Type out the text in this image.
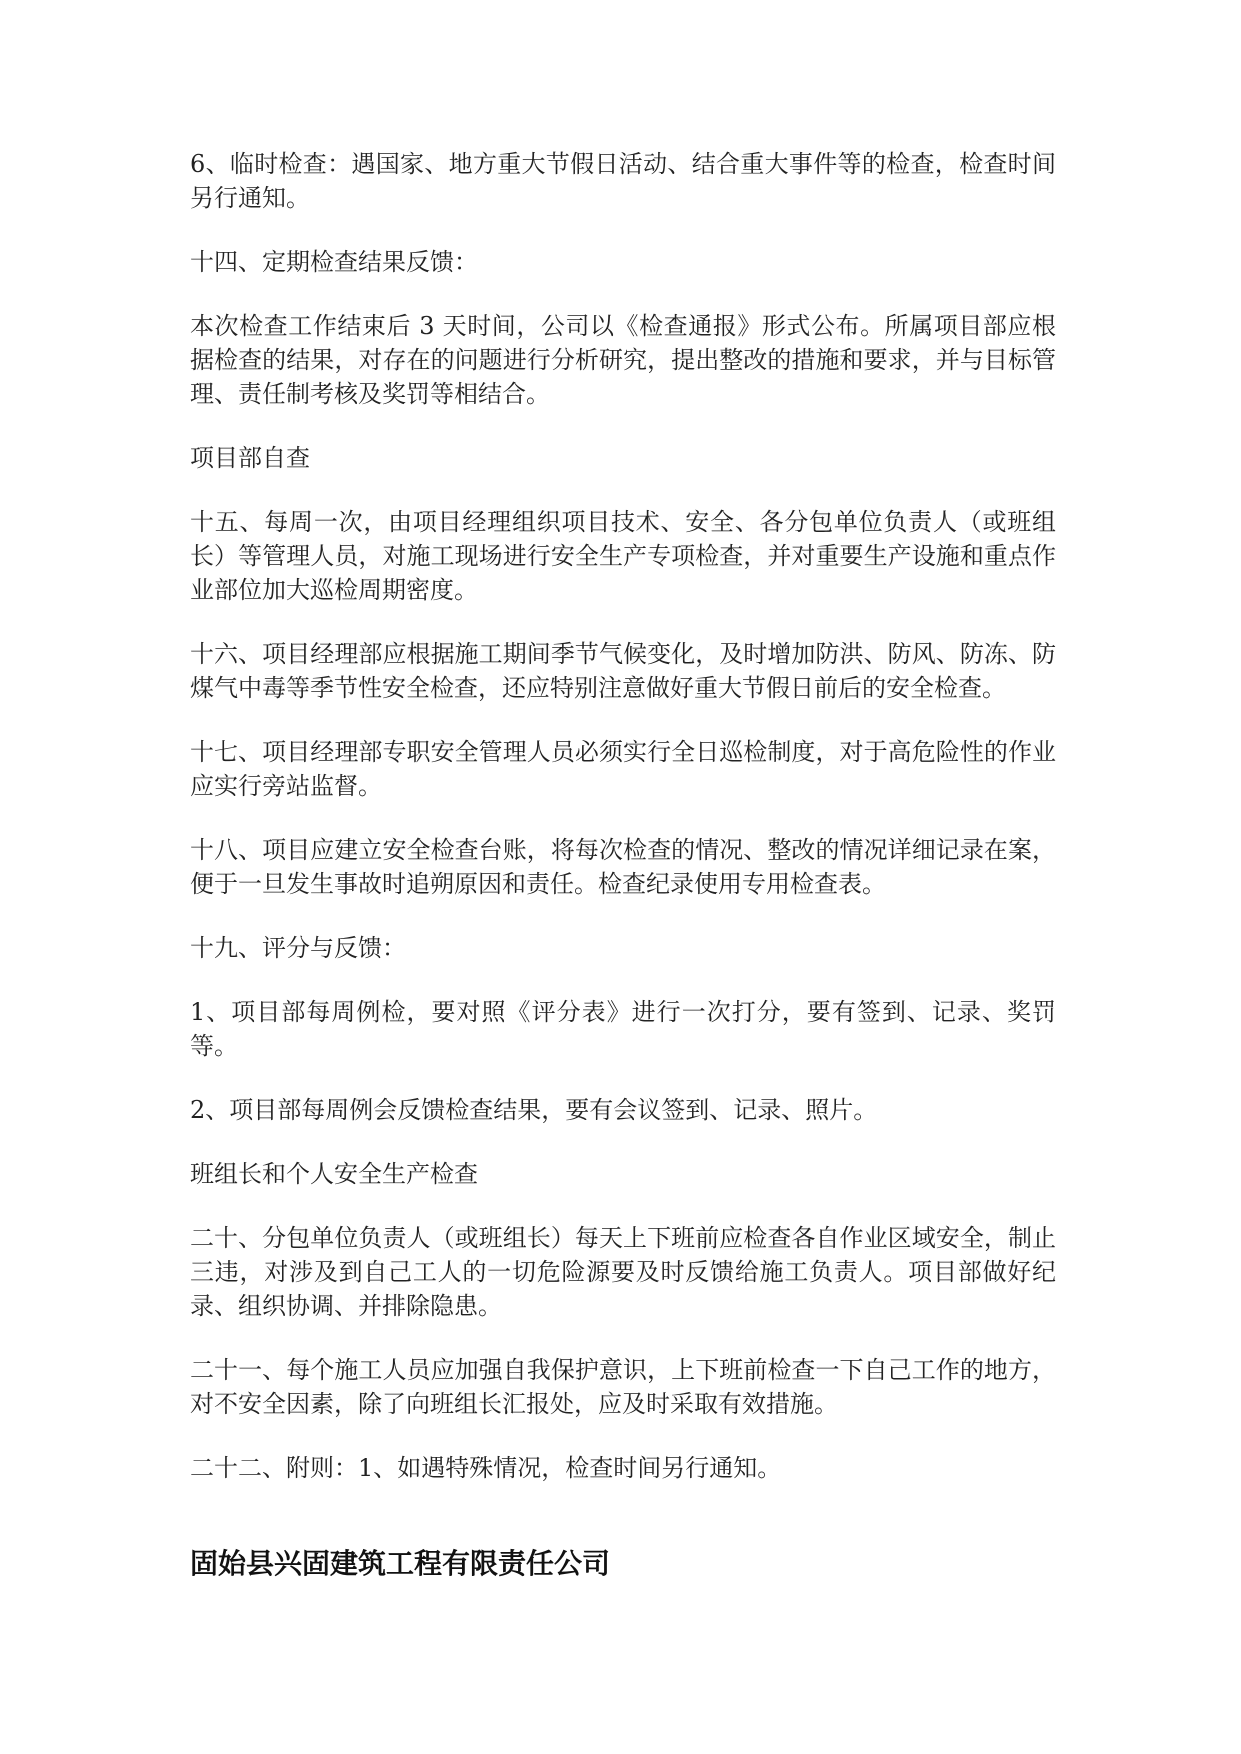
6、临时检查：遇国家、地方重大节假日活动、结合重大事件等的检查，检查时间另行通知。

十四、定期检查结果反馈：

本次检查工作结束后 3 天时间，公司以《检查通报》形式公布。所属项目部应根据检查的结果，对存在的问题进行分析研究，提出整改的措施和要求，并与目标管理、责任制考核及奖罚等相结合。

项目部自查

十五、每周一次，由项目经理组织项目技术、安全、各分包单位负责人（或班组长）等管理人员，对施工现场进行安全生产专项检查，并对重要生产设施和重点作业部位加大巡检周期密度。

十六、项目经理部应根据施工期间季节气候变化，及时增加防洪、防风、防冻、防煤气中毒等季节性安全检查，还应特别注意做好重大节假日前后的安全检查。

十七、项目经理部专职安全管理人员必须实行全日巡检制度，对于高危险性的作业应实行旁站监督。

十八、项目应建立安全检查台账，将每次检查的情况、整改的情况详细记录在案，便于一旦发生事故时追朔原因和责任。检查纪录使用专用检查表。

十九、评分与反馈：

1、项目部每周例检，要对照《评分表》进行一次打分，要有签到、记录、奖罚等。

2、项目部每周例会反馈检查结果，要有会议签到、记录、照片。

班组长和个人安全生产检查

二十、分包单位负责人（或班组长）每天上下班前应检查各自作业区域安全，制止三违，对涉及到自己工人的一切危险源要及时反馈给施工负责人。项目部做好纪录、组织协调、并排除隐患。

二十一、每个施工人员应加强自我保护意识，上下班前检查一下自己工作的地方，对不安全因素，除了向班组长汇报处，应及时采取有效措施。

二十二、附则：1、如遇特殊情况，检查时间另行通知。

固始县兴固建筑工程有限责任公司
